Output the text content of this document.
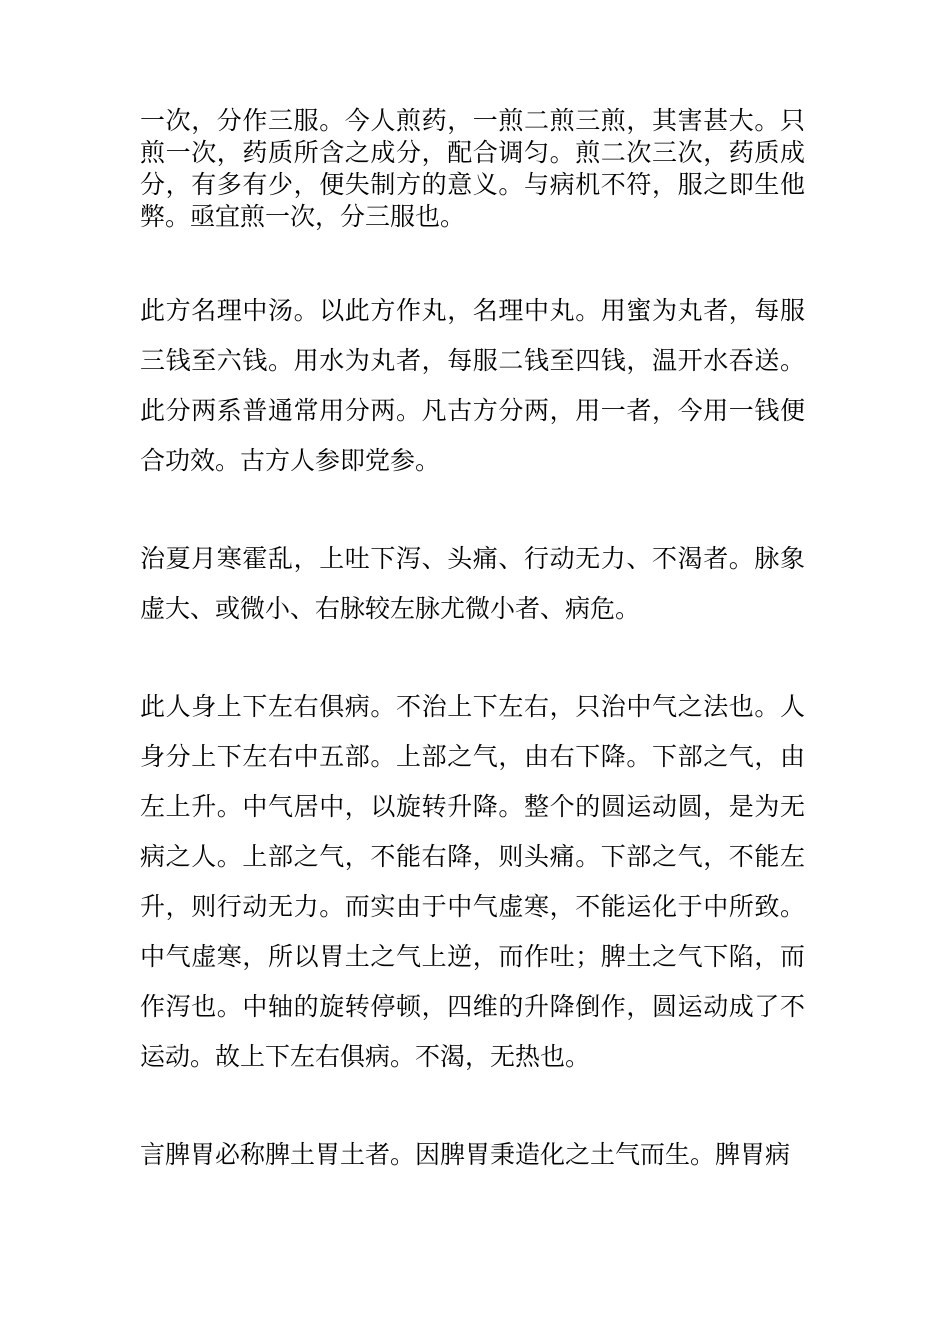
一次，分作三服。今人煎药，一煎二煎三煎，其害甚大。只煎一次，药质所含之成分，配合调匀。煎二次三次，药质成分，有多有少，便失制方的意义。与病机不符，服之即生他弊。亟宜煎一次，分三服也。

此方名理中汤。以此方作丸，名理中丸。用蜜为丸者，每服三钱至六钱。用水为丸者，每服二钱至四钱，温开水吞送。此分两系普通常用分两。凡古方分两，用一者，今用一钱便合功效。古方人参即党参。

治夏月寒霍乱，上吐下泻、头痛、行动无力、不渴者。脉象虚大、或微小、右脉较左脉尤微小者、病危。

此人身上下左右俱病。不治上下左右，只治中气之法也。人身分上下左右中五部。上部之气，由右下降。下部之气，由左上升。中气居中，以旋转升降。整个的圆运动圆，是为无病之人。上部之气，不能右降，则头痛。下部之气，不能左升，则行动无力。而实由于中气虚寒，不能运化于中所致。中气虚寒，所以胃土之气上逆，而作吐；脾土之气下陷，而作泻也。中轴的旋转停顿，四维的升降倒作，圆运动成了不运动。故上下左右俱病。不渴，无热也。

言脾胃必称脾土胃土者。因脾胃秉造化之土气而生。脾胃病
